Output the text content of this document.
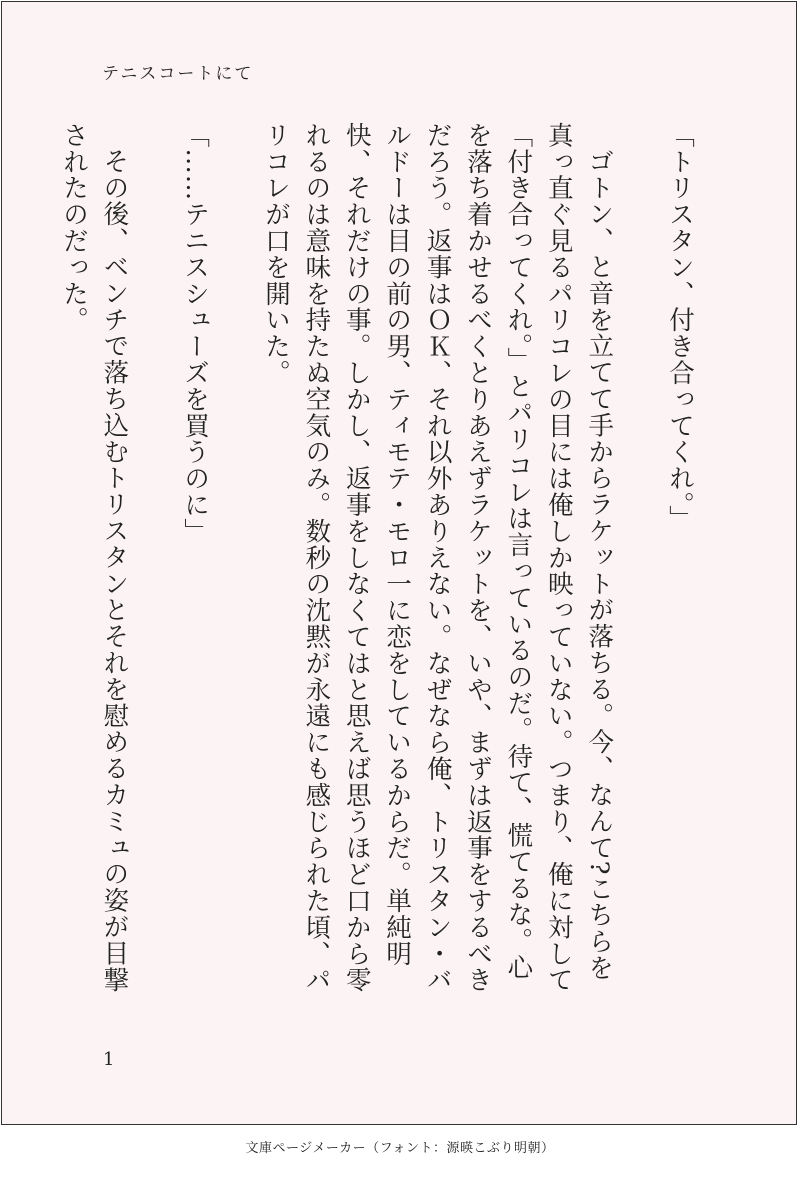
テニスコートにて

「トリスタン、付き合ってくれ。」

ゴトン、と音を立てて手からラケットが落ちる。今、なんて?こちらを真っ直ぐ見るパリコレの目には俺しか映っていない。つまり、俺に対して「付き合ってくれ。」とパリコレは言っているのだ。待て、慌てるな。心を落ち着かせるべくとりあえずラケットを、いや、まずは返事をするべきだろう。返事はＯＫ、それ以外ありえない。なぜなら俺、トリスタン・バルドーは目の前の男、ティモテ・モロ一に恋をしているからだ。単純明快、それだけの事。しかし、返事をしなくてはと思えば思うほど口から零れるのは意味を持たぬ空気のみ。数秒の沈黙が永遠にも感じられた頃、パリコレが口を開いた。

「……テニスシューズを買うのに」

その後、ベンチで落ち込むトリスタンとそれを慰めるカミュの姿が目撃されたのだった。

1
文庫ページメーカー（フォント：源暎こぶり明朝）
